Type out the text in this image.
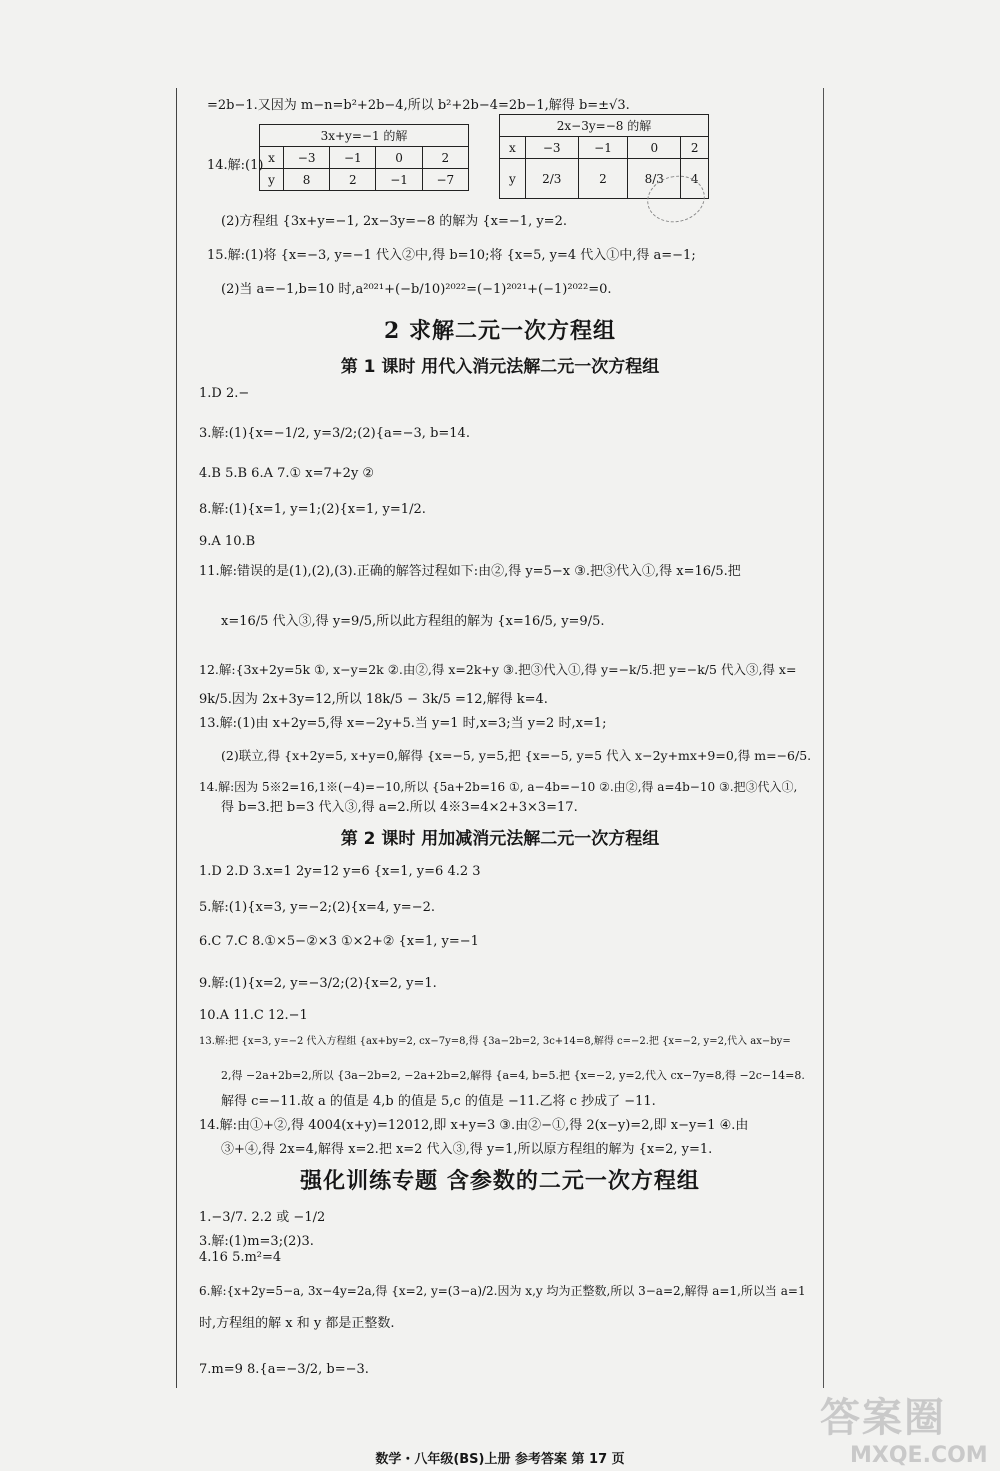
=2b−1.又因为 m−n=b²+2b−4,所以 b²+2b−4=2b−1,解得 b=±√3.
14.解:(1)
3x+y=−1 的解				
x	−3	−1	0	2
y	8	2	−1	−7
2x−3y=−8 的解				
x	−3	−1	0	2
y	2/3	2	8/3	4
(2)方程组 {3x+y=−1, 2x−3y=−8 的解为 {x=−1, y=2.
15.解:(1)将 {x=−3, y=−1 代入②中,得 b=10;将 {x=5, y=4 代入①中,得 a=−1;
(2)当 a=−1,b=10 时,a²⁰²¹+(−b/10)²⁰²²=(−1)²⁰²¹+(−1)²⁰²²=0.
2 求解二元一次方程组
第 1 课时 用代入消元法解二元一次方程组
1.D 2.−
3.解:(1){x=−1/2, y=3/2;(2){a=−3, b=14.
4.B 5.B 6.A 7.① x=7+2y ②
8.解:(1){x=1, y=1;(2){x=1, y=1/2.
9.A 10.B
11.解:错误的是(1),(2),(3).正确的解答过程如下:由②,得 y=5−x ③.把③代入①,得 x=16/5.把
x=16/5 代入③,得 y=9/5,所以此方程组的解为 {x=16/5, y=9/5.
12.解:{3x+2y=5k ①, x−y=2k ②.由②,得 x=2k+y ③.把③代入①,得 y=−k/5.把 y=−k/5 代入③,得 x=
9k/5.因为 2x+3y=12,所以 18k/5 − 3k/5 =12,解得 k=4.
13.解:(1)由 x+2y=5,得 x=−2y+5.当 y=1 时,x=3;当 y=2 时,x=1;
(2)联立,得 {x+2y=5, x+y=0,解得 {x=−5, y=5,把 {x=−5, y=5 代入 x−2y+mx+9=0,得 m=−6/5.
14.解:因为 5※2=16,1※(−4)=−10,所以 {5a+2b=16 ①, a−4b=−10 ②.由②,得 a=4b−10 ③.把③代入①,
得 b=3.把 b=3 代入③,得 a=2.所以 4※3=4×2+3×3=17.
第 2 课时 用加减消元法解二元一次方程组
1.D 2.D 3.x=1 2y=12 y=6 {x=1, y=6 4.2 3
5.解:(1){x=3, y=−2;(2){x=4, y=−2.
6.C 7.C 8.①×5−②×3 ①×2+② {x=1, y=−1
9.解:(1){x=2, y=−3/2;(2){x=2, y=1.
10.A 11.C 12.−1
13.解:把 {x=3, y=−2 代入方程组 {ax+by=2, cx−7y=8,得 {3a−2b=2, 3c+14=8,解得 c=−2.把 {x=−2, y=2,代入 ax−by=
2,得 −2a+2b=2,所以 {3a−2b=2, −2a+2b=2,解得 {a=4, b=5.把 {x=−2, y=2,代入 cx−7y=8,得 −2c−14=8.
解得 c=−11.故 a 的值是 4,b 的值是 5,c 的值是 −11.乙将 c 抄成了 −11.
14.解:由①+②,得 4004(x+y)=12012,即 x+y=3 ③.由②−①,得 2(x−y)=2,即 x−y=1 ④.由
③+④,得 2x=4,解得 x=2.把 x=2 代入③,得 y=1,所以原方程组的解为 {x=2, y=1.
强化训练专题 含参数的二元一次方程组
1.−3/7. 2.2 或 −1/2
3.解:(1)m=3;(2)3.
4.16 5.m²=4
6.解:{x+2y=5−a, 3x−4y=2a,得 {x=2, y=(3−a)/2.因为 x,y 均为正整数,所以 3−a=2,解得 a=1,所以当 a=1
时,方程组的解 x 和 y 都是正整数.
7.m=9 8.{a=−3/2, b=−3.
数学・八年级(BS)上册 参考答案 第 17 页
答案圈
MXQE.COM
